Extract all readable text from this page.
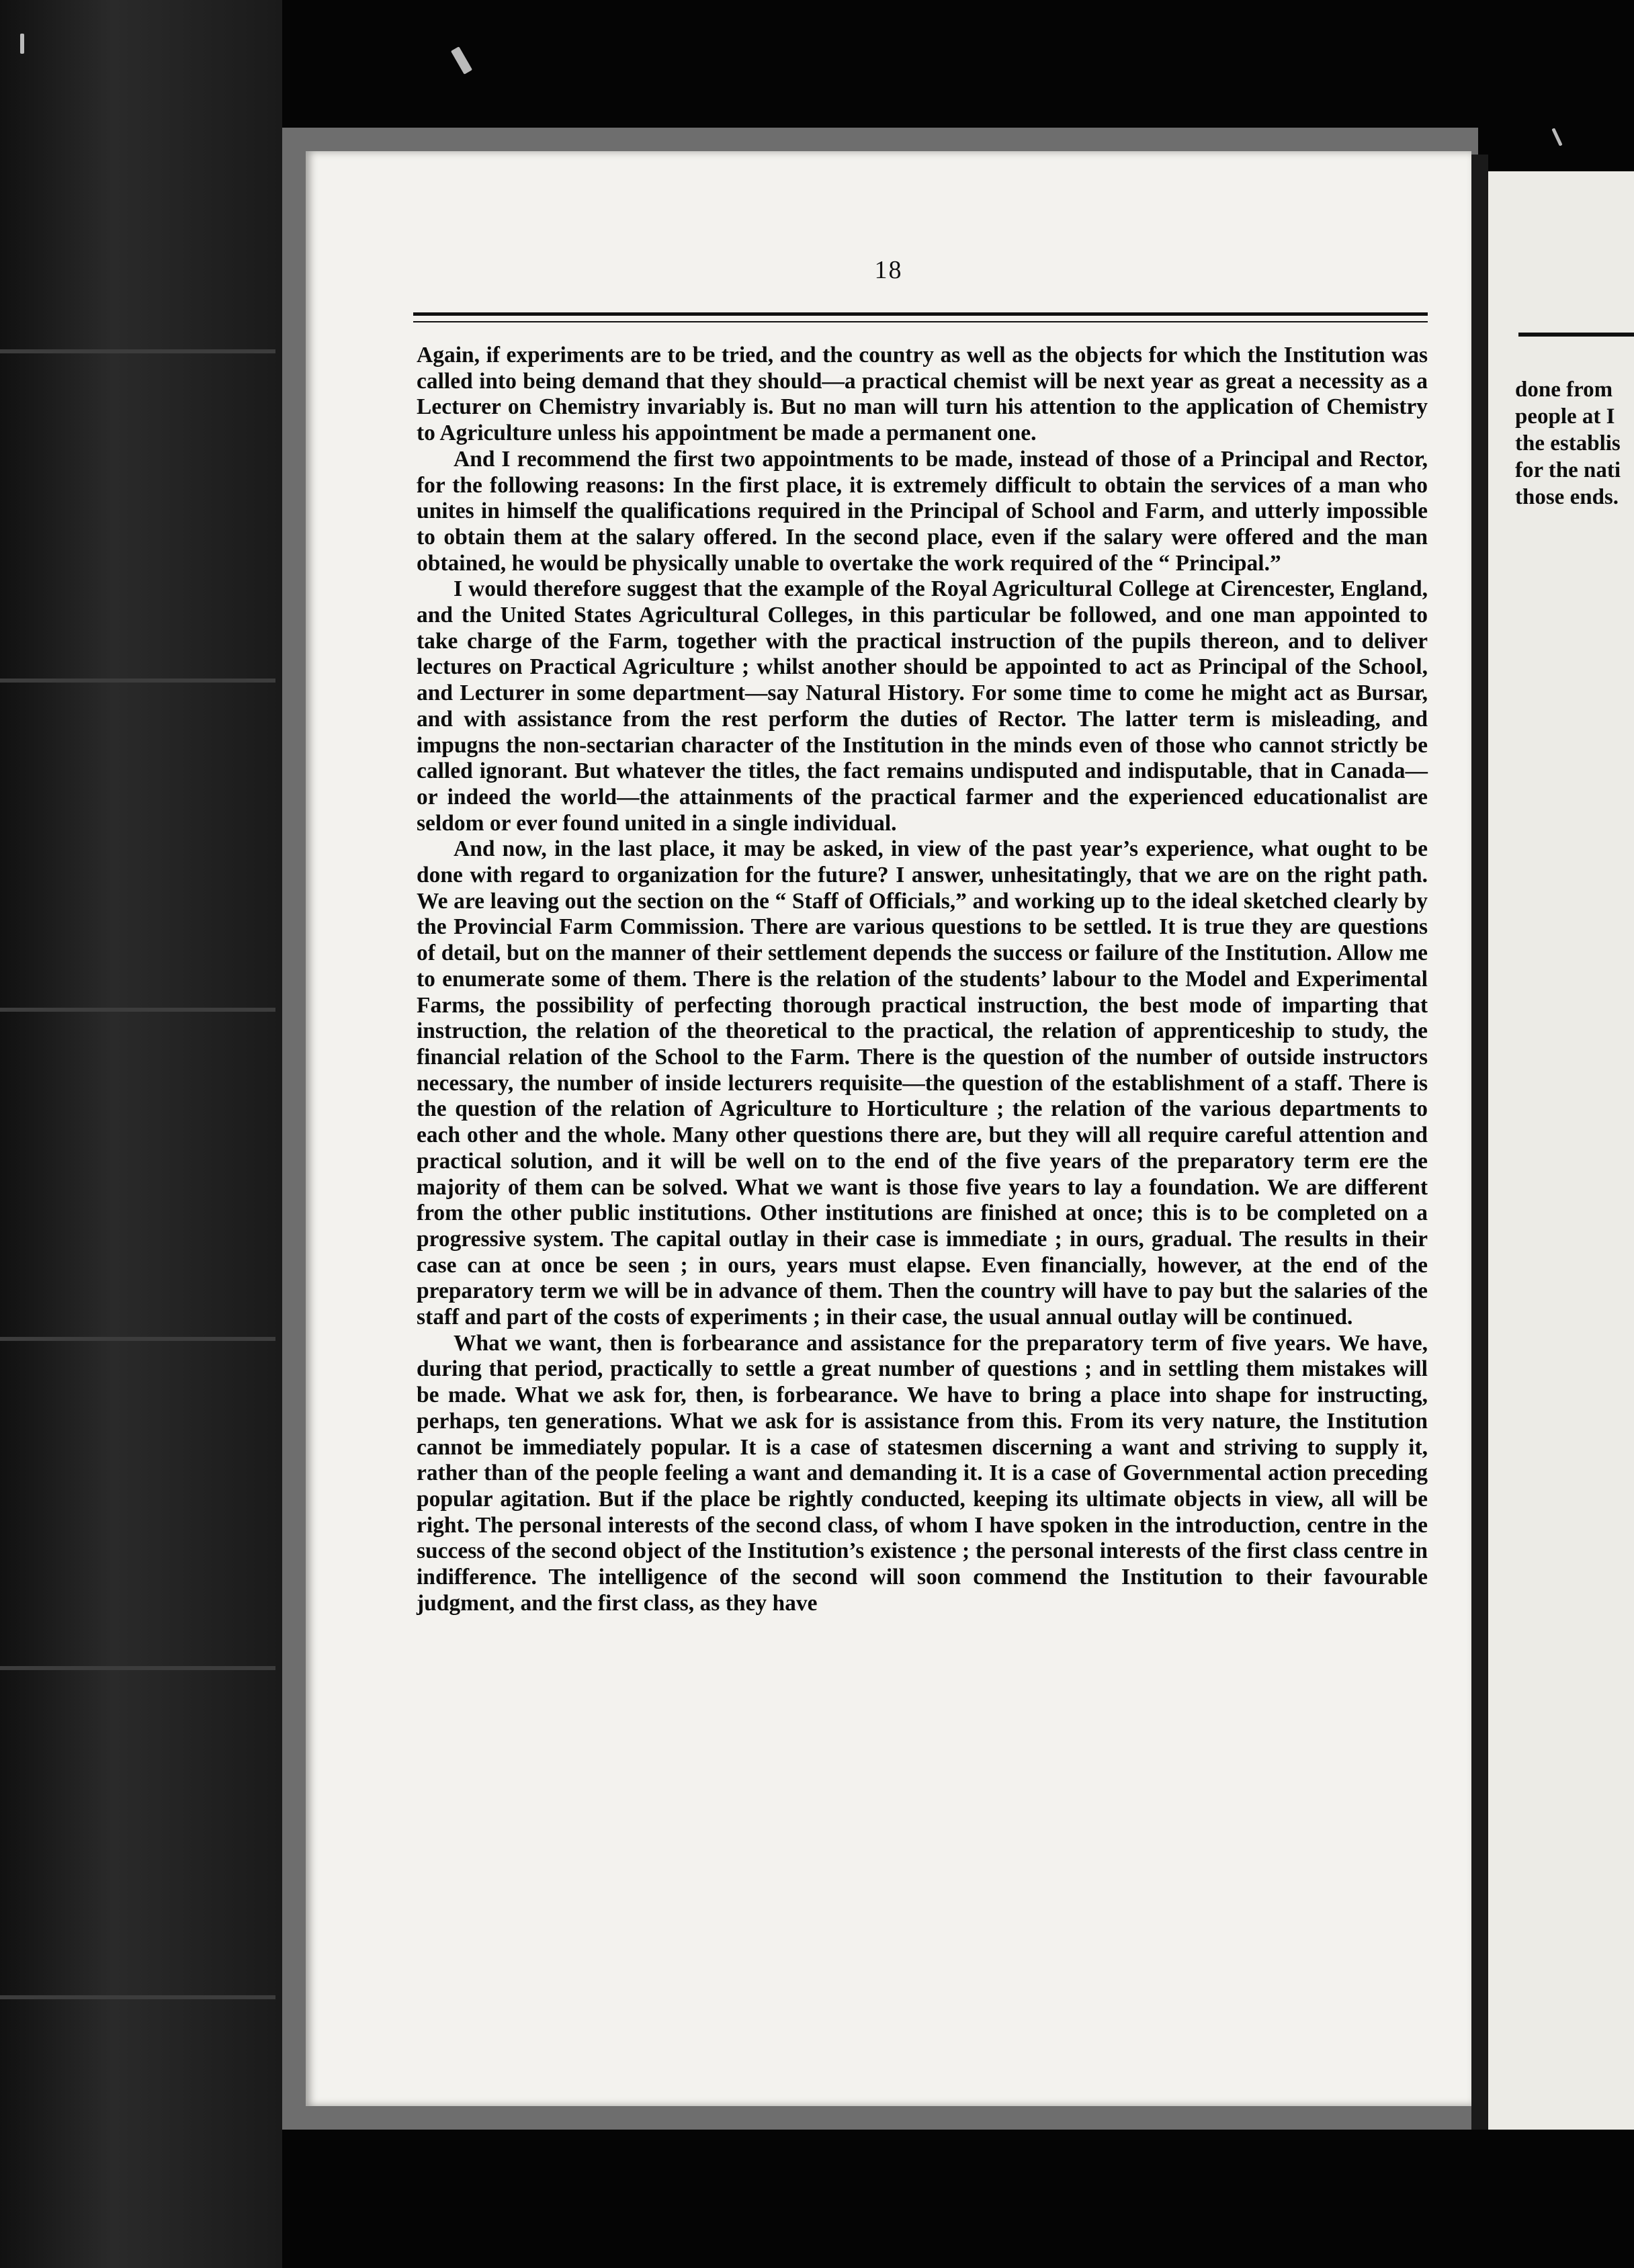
18

Again, if experiments are to be tried, and the country as well as the objects for which the Institution was called into being demand that they should—a practical chemist will be next year as great a necessity as a Lecturer on Chemistry invariably is. But no man will turn his attention to the application of Chemistry to Agriculture unless his appointment be made a permanent one.

And I recommend the first two appointments to be made, instead of those of a Principal and Rector, for the following reasons: In the first place, it is extremely difficult to obtain the services of a man who unites in himself the qualifications required in the Principal of School and Farm, and utterly impossible to obtain them at the salary offered. In the second place, even if the salary were offered and the man obtained, he would be physically unable to overtake the work required of the “ Principal.”

I would therefore suggest that the example of the Royal Agricultural College at Cirencester, England, and the United States Agricultural Colleges, in this particular be followed, and one man appointed to take charge of the Farm, together with the practical instruction of the pupils thereon, and to deliver lectures on Practical Agriculture ; whilst another should be appointed to act as Principal of the School, and Lecturer in some department—say Natural History. For some time to come he might act as Bursar, and with assistance from the rest perform the duties of Rector. The latter term is misleading, and impugns the non-sectarian character of the Institution in the minds even of those who cannot strictly be called ignorant. But whatever the titles, the fact remains undisputed and indisputable, that in Canada—or indeed the world—the attainments of the practical farmer and the experienced educationalist are seldom or ever found united in a single individual.

And now, in the last place, it may be asked, in view of the past year’s experience, what ought to be done with regard to organization for the future? I answer, unhesitatingly, that we are on the right path. We are leaving out the section on the “ Staff of Officials,” and working up to the ideal sketched clearly by the Provincial Farm Commission. There are various questions to be settled. It is true they are questions of detail, but on the manner of their settlement depends the success or failure of the Institution. Allow me to enumerate some of them. There is the relation of the students’ labour to the Model and Experimental Farms, the possibility of perfecting thorough practical instruction, the best mode of imparting that instruction, the relation of the theoretical to the practical, the relation of apprenticeship to study, the financial relation of the School to the Farm. There is the question of the number of outside instructors necessary, the number of inside lecturers requisite—the question of the establishment of a staff. There is the question of the relation of Agriculture to Horticulture ; the relation of the various departments to each other and the whole. Many other questions there are, but they will all require careful attention and practical solution, and it will be well on to the end of the five years of the preparatory term ere the majority of them can be solved. What we want is those five years to lay a foundation. We are different from the other public institutions. Other institutions are finished at once; this is to be completed on a progressive system. The capital outlay in their case is immediate ; in ours, gradual. The results in their case can at once be seen ; in ours, years must elapse. Even financially, however, at the end of the preparatory term we will be in advance of them. Then the country will have to pay but the salaries of the staff and part of the costs of experiments ; in their case, the usual annual outlay will be continued.

What we want, then is forbearance and assistance for the preparatory term of five years. We have, during that period, practically to settle a great number of questions ; and in settling them mistakes will be made. What we ask for, then, is forbearance. We have to bring a place into shape for instructing, perhaps, ten generations. What we ask for is assistance from this. From its very nature, the Institution cannot be immediately popular. It is a case of statesmen discerning a want and striving to supply it, rather than of the people feeling a want and demanding it. It is a case of Governmental action preceding popular agitation. But if the place be rightly conducted, keeping its ultimate objects in view, all will be right. The personal interests of the second class, of whom I have spoken in the introduction, centre in the success of the second object of the Institution’s existence ; the personal interests of the first class centre in indifference. The intelligence of the second will soon commend the Institution to their favourable judgment, and the first class, as they have

done from
people at I
the establis
for the nati
those ends.
